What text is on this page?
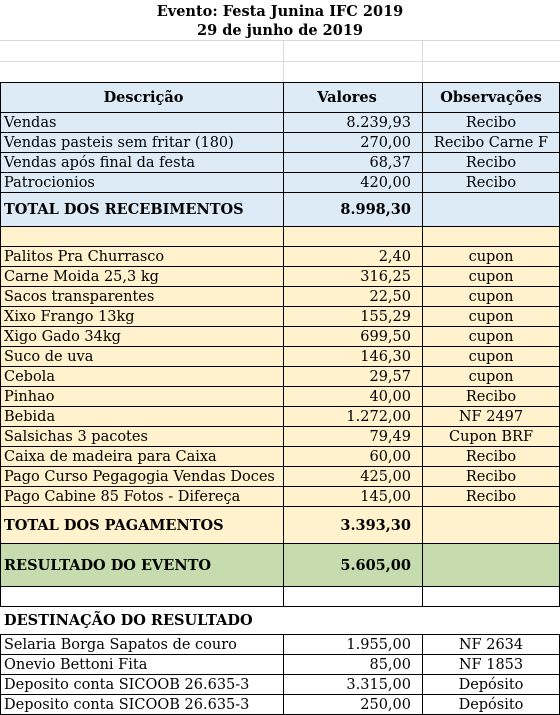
Evento: Festa Junina IFC 2019
29 de junho de 2019
Descrição	Valores	Observações
Vendas	8.239,93	Recibo
Vendas pasteis sem fritar (180)	270,00	Recibo Carne F
Vendas após final da festa	68,37	Recibo
Patrocionios	420,00	Recibo
TOTAL DOS RECEBIMENTOS	8.998,30
Palitos Pra Churrasco	2,40	cupon
Carne Moida 25,3 kg	316,25	cupon
Sacos transparentes	22,50	cupon
Xixo Frango 13kg	155,29	cupon
Xigo Gado 34kg	699,50	cupon
Suco de uva	146,30	cupon
Cebola	29,57	cupon
Pinhao	40,00	Recibo
Bebida	1.272,00	NF 2497
Salsichas 3 pacotes	79,49	Cupon BRF
Caixa de madeira para Caixa	60,00	Recibo
Pago Curso Pegagogia Vendas Doces	425,00	Recibo
Pago Cabine 85 Fotos - Difereça	145,00	Recibo
TOTAL DOS PAGAMENTOS	3.393,30
RESULTADO DO EVENTO	5.605,00
DESTINAÇÃO DO RESULTADO
Selaria Borga Sapatos de couro	1.955,00	NF 2634
Onevio Bettoni Fita	85,00	NF 1853
Deposito conta SICOOB 26.635-3	3.315,00	Depósito
Deposito conta SICOOB 26.635-3	250,00	Depósito
